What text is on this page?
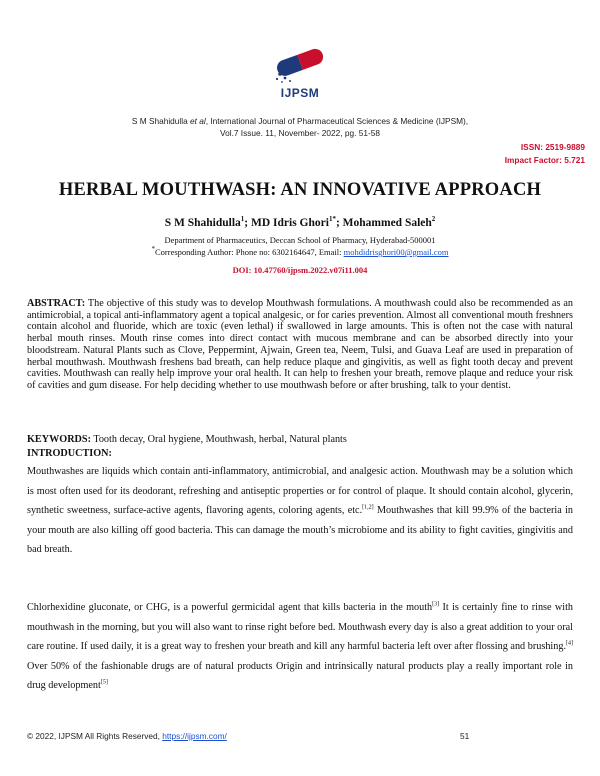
IJPSM
S M Shahidulla et al, International Journal of Pharmaceutical Sciences & Medicine (IJPSM),
Vol.7 Issue. 11, November- 2022, pg. 51-58
ISSN: 2519-9889
Impact Factor: 5.721
HERBAL MOUTHWASH: AN INNOVATIVE APPROACH
S M Shahidulla$^1$; MD Idris Ghori$^{1*}$; Mohammed Saleh$^2$
Department of Pharmaceutics, Deccan School of Pharmacy, Hyderabad-500001
*Corresponding Author: Phone no: 6302164647, Email: mohdidrisghori00@gmail.com
DOI: 10.47760/ijpsm.2022.v07i11.004
ABSTRACT: The objective of this study was to develop Mouthwash formulations. A mouthwash could also be recommended as an antimicrobial, a topical anti-inflammatory agent a topical analgesic, or for caries prevention. Almost all conventional mouth freshners contain alcohol and fluoride, which are toxic (even lethal) if swallowed in large amounts. This is often not the case with natural herbal mouth rinses. Mouth rinse comes into direct contact with mucous membrane and can be absorbed directly into your bloodstream. Natural Plants such as Clove, Peppermint, Ajwain, Green tea, Neem, Tulsi, and Guava Leaf are used in preparation of herbal mouthwash. Mouthwash freshens bad breath, can help reduce plaque and gingivitis, as well as fight tooth decay and prevent cavities. Mouthwash can really help improve your oral health. It can help to freshen your breath, remove plaque and reduce your risk of cavities and gum disease. For help deciding whether to use mouthwash before or after brushing, talk to your dentist.
KEYWORDS: Tooth decay, Oral hygiene, Mouthwash, herbal, Natural plants
INTRODUCTION:
Mouthwashes are liquids which contain anti-inflammatory, antimicrobial, and analgesic action. Mouthwash may be a solution which is most often used for its deodorant, refreshing and antiseptic properties or for control of plaque. It should contain alcohol, glycerin, synthetic sweetness, surface-active agents, flavoring agents, coloring agents, etc.[1,2] Mouthwashes that kill 99.9% of the bacteria in your mouth are also killing off good bacteria. This can damage the mouth’s microbiome and its ability to fight cavities, gingivitis and bad breath.
Chlorhexidine gluconate, or CHG, is a powerful germicidal agent that kills bacteria in the mouth[3] It is certainly fine to rinse with mouthwash in the morning, but you will also want to rinse right before bed. Mouthwash every day is also a great addition to your oral care routine. If used daily, it is a great way to freshen your breath and kill any harmful bacteria left over after flossing and brushing.[4] Over 50% of the fashionable drugs are of natural products Origin and intrinsically natural products play a really important role in drug development[5]
© 2022, IJPSM All Rights Reserved, https://ijpsm.com/	51
